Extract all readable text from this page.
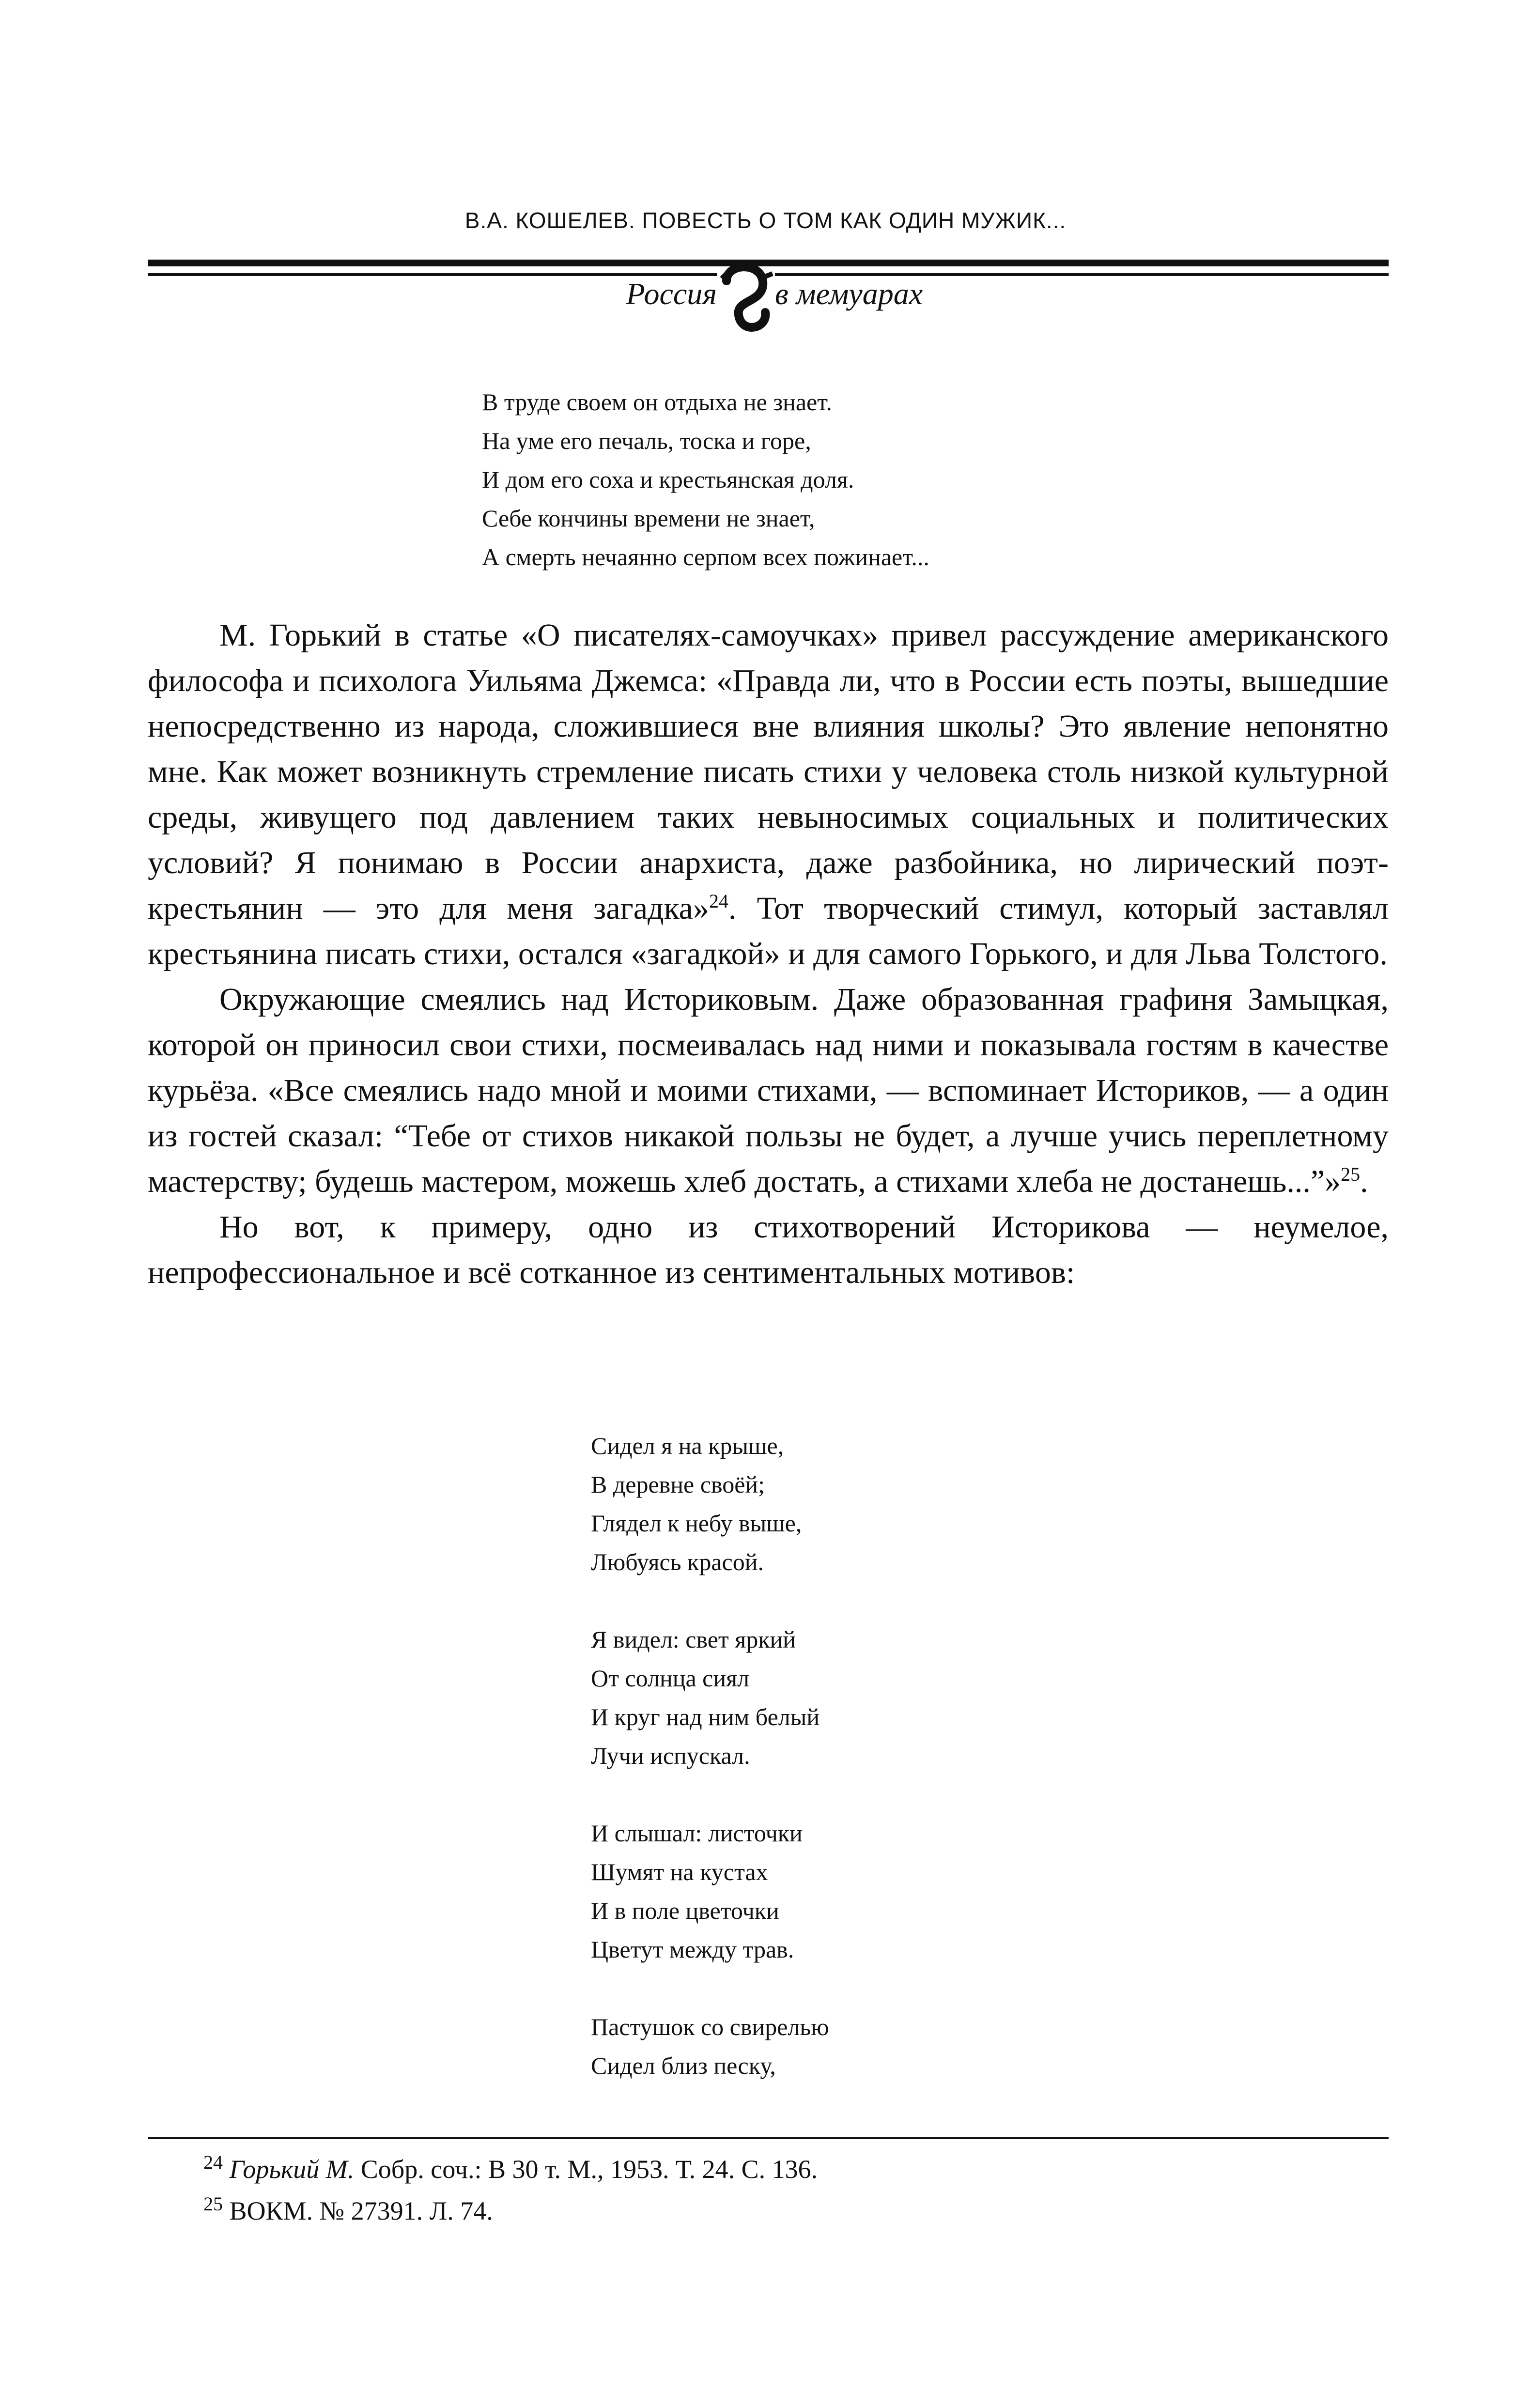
В.А. КОШЕЛЕВ. ПОВЕСТЬ О ТОМ КАК ОДИН МУЖИК...
Россия в мемуарах
В труде своем он отдыха не знает.
На уме его печаль, тоска и горе,
И дом его соха и крестьянская доля.
Себе кончины времени не знает,
А смерть нечаянно серпом всех пожинает...

М. Горький в статье «О писателях-самоучках» привел рассуждение американского философа и психолога Уильяма Джемса: «Правда ли, что в России есть поэты, вышедшие непосредственно из народа, сложившиеся вне влияния школы? Это явление непонятно мне. Как может возникнуть стремление писать стихи у человека столь низкой культурной среды, живущего под давлением таких невыносимых социальных и политических условий? Я понимаю в России анархиста, даже разбойника, но лирический поэт-крестьянин — это для меня загадка»$^{24}$. Тот творческий стимул, который заставлял крестьянина писать стихи, остался «загадкой» и для самого Горького, и для Льва Толстого.

Окружающие смеялись над Историковым. Даже образованная графиня Замыцкая, которой он приносил свои стихи, посмеивалась над ними и показывала гостям в качестве курьёза. «Все смеялись надо мной и моими стихами, — вспоминает Историков, — а один из гостей сказал: “Тебе от стихов никакой пользы не будет, а лучше учись переплетному мастерству; будешь мастером, можешь хлеб достать, а стихами хлеба не достанешь...”»$^{25}$.

Но вот, к примеру, одно из стихотворений Историкова — неумелое, непрофессиональное и всё сотканное из сентиментальных мотивов:

Сидел я на крыше,
В деревне своёй;
Глядел к небу выше,
Любуясь красой.
Я видел: свет яркий
От солнца сиял
И круг над ним белый
Лучи испускал.
И слышал: листочки
Шумят на кустах
И в поле цветочки
Цветут между трав.
Пастушок со свирелью
Сидел близ песку,
$^{24}$ Горький М. Собр. соч.: В 30 т. М., 1953. Т. 24. С. 136.
$^{25}$ ВОКМ. № 27391. Л. 74.
